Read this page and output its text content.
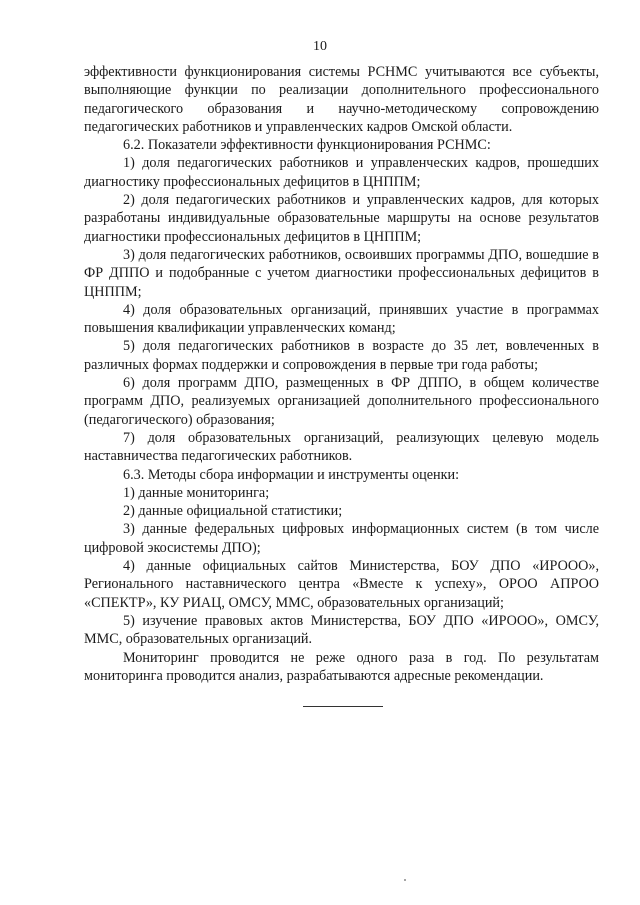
10

эффективности функционирования системы РСНМС учитываются все субъекты, выполняющие функции по реализации дополнительного профессионального педагогического образования и научно-методическому сопровождению педагогических работников и управленческих кадров Омской области.

6.2. Показатели эффективности функционирования РСНМС:

1) доля педагогических работников и управленческих кадров, прошедших диагностику профессиональных дефицитов в ЦНППМ;

2) доля педагогических работников и управленческих кадров, для которых разработаны индивидуальные образовательные маршруты на основе результатов диагностики профессиональных дефицитов в ЦНППМ;

3) доля педагогических работников, освоивших программы ДПО, вошедшие в ФР ДППО и подобранные с учетом диагностики профессиональных дефицитов в ЦНППМ;

4) доля образовательных организаций, принявших участие в программах повышения квалификации управленческих команд;

5) доля педагогических работников в возрасте до 35 лет, вовлеченных в различных формах поддержки и сопровождения в первые три года работы;

6) доля программ ДПО, размещенных в ФР ДППО, в общем количестве программ ДПО, реализуемых организацией дополнительного профессионального (педагогического) образования;

7) доля образовательных организаций, реализующих целевую модель наставничества педагогических работников.

6.3. Методы сбора информации и инструменты оценки:

1) данные мониторинга;

2) данные официальной статистики;

3) данные федеральных цифровых информационных систем (в том числе цифровой экосистемы ДПО);

4) данные официальных сайтов Министерства, БОУ ДПО «ИРООО», Регионального наставнического центра «Вместе к успеху», ОРОО АПРОО «СПЕКТР», КУ РИАЦ, ОМСУ, ММС, образовательных организаций;

5) изучение правовых актов Министерства, БОУ ДПО «ИРООО», ОМСУ, ММС, образовательных организаций.

Мониторинг проводится не реже одного раза в год. По результатам мониторинга проводится анализ, разрабатываются адресные рекомендации.
